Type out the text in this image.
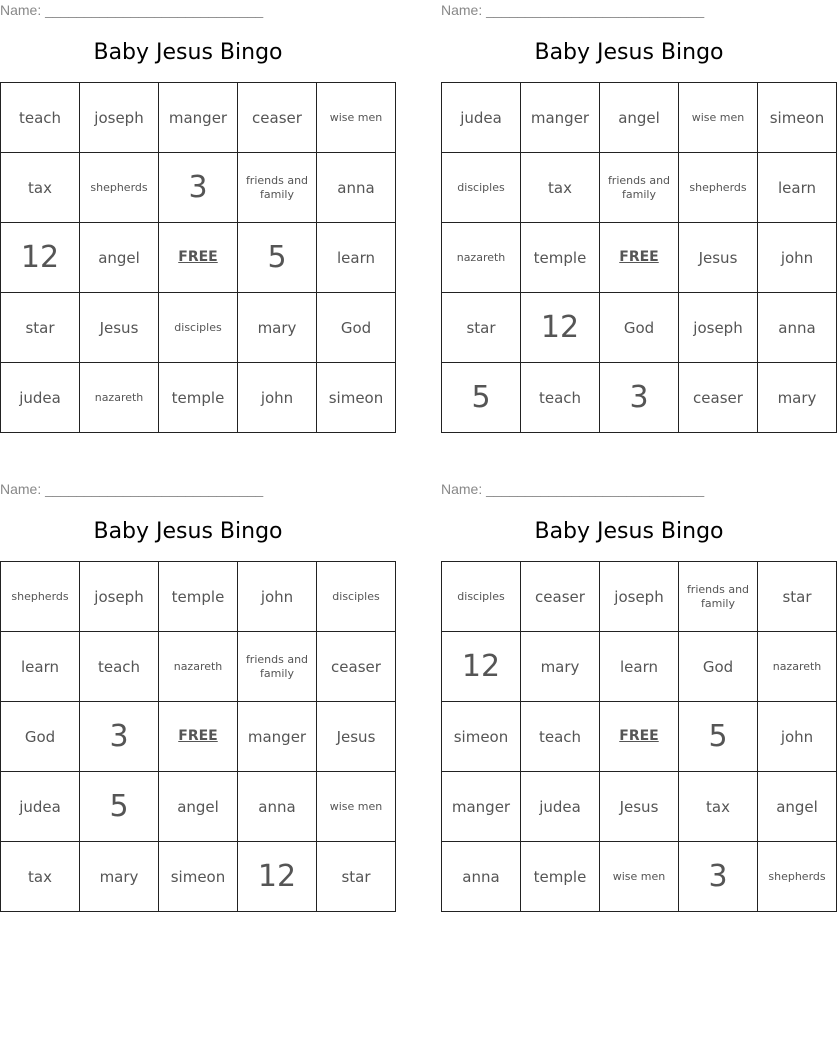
Name: ____________________________
Baby Jesus Bingo
teach	joseph	manger	ceaser	wise men
tax	shepherds	3	friends and family	anna
12	angel	FREE	5	learn
star	Jesus	disciples	mary	God
judea	nazareth	temple	john	simeon
Name: ____________________________
Baby Jesus Bingo
judea	manger	angel	wise men	simeon
disciples	tax	friends and family	shepherds	learn
nazareth	temple	FREE	Jesus	john
star	12	God	joseph	anna
5	teach	3	ceaser	mary
Name: ____________________________
Baby Jesus Bingo
shepherds	joseph	temple	john	disciples
learn	teach	nazareth	friends and family	ceaser
God	3	FREE	manger	Jesus
judea	5	angel	anna	wise men
tax	mary	simeon	12	star
Name: ____________________________
Baby Jesus Bingo
disciples	ceaser	joseph	friends and family	star
12	mary	learn	God	nazareth
simeon	teach	FREE	5	john
manger	judea	Jesus	tax	angel
anna	temple	wise men	3	shepherds
